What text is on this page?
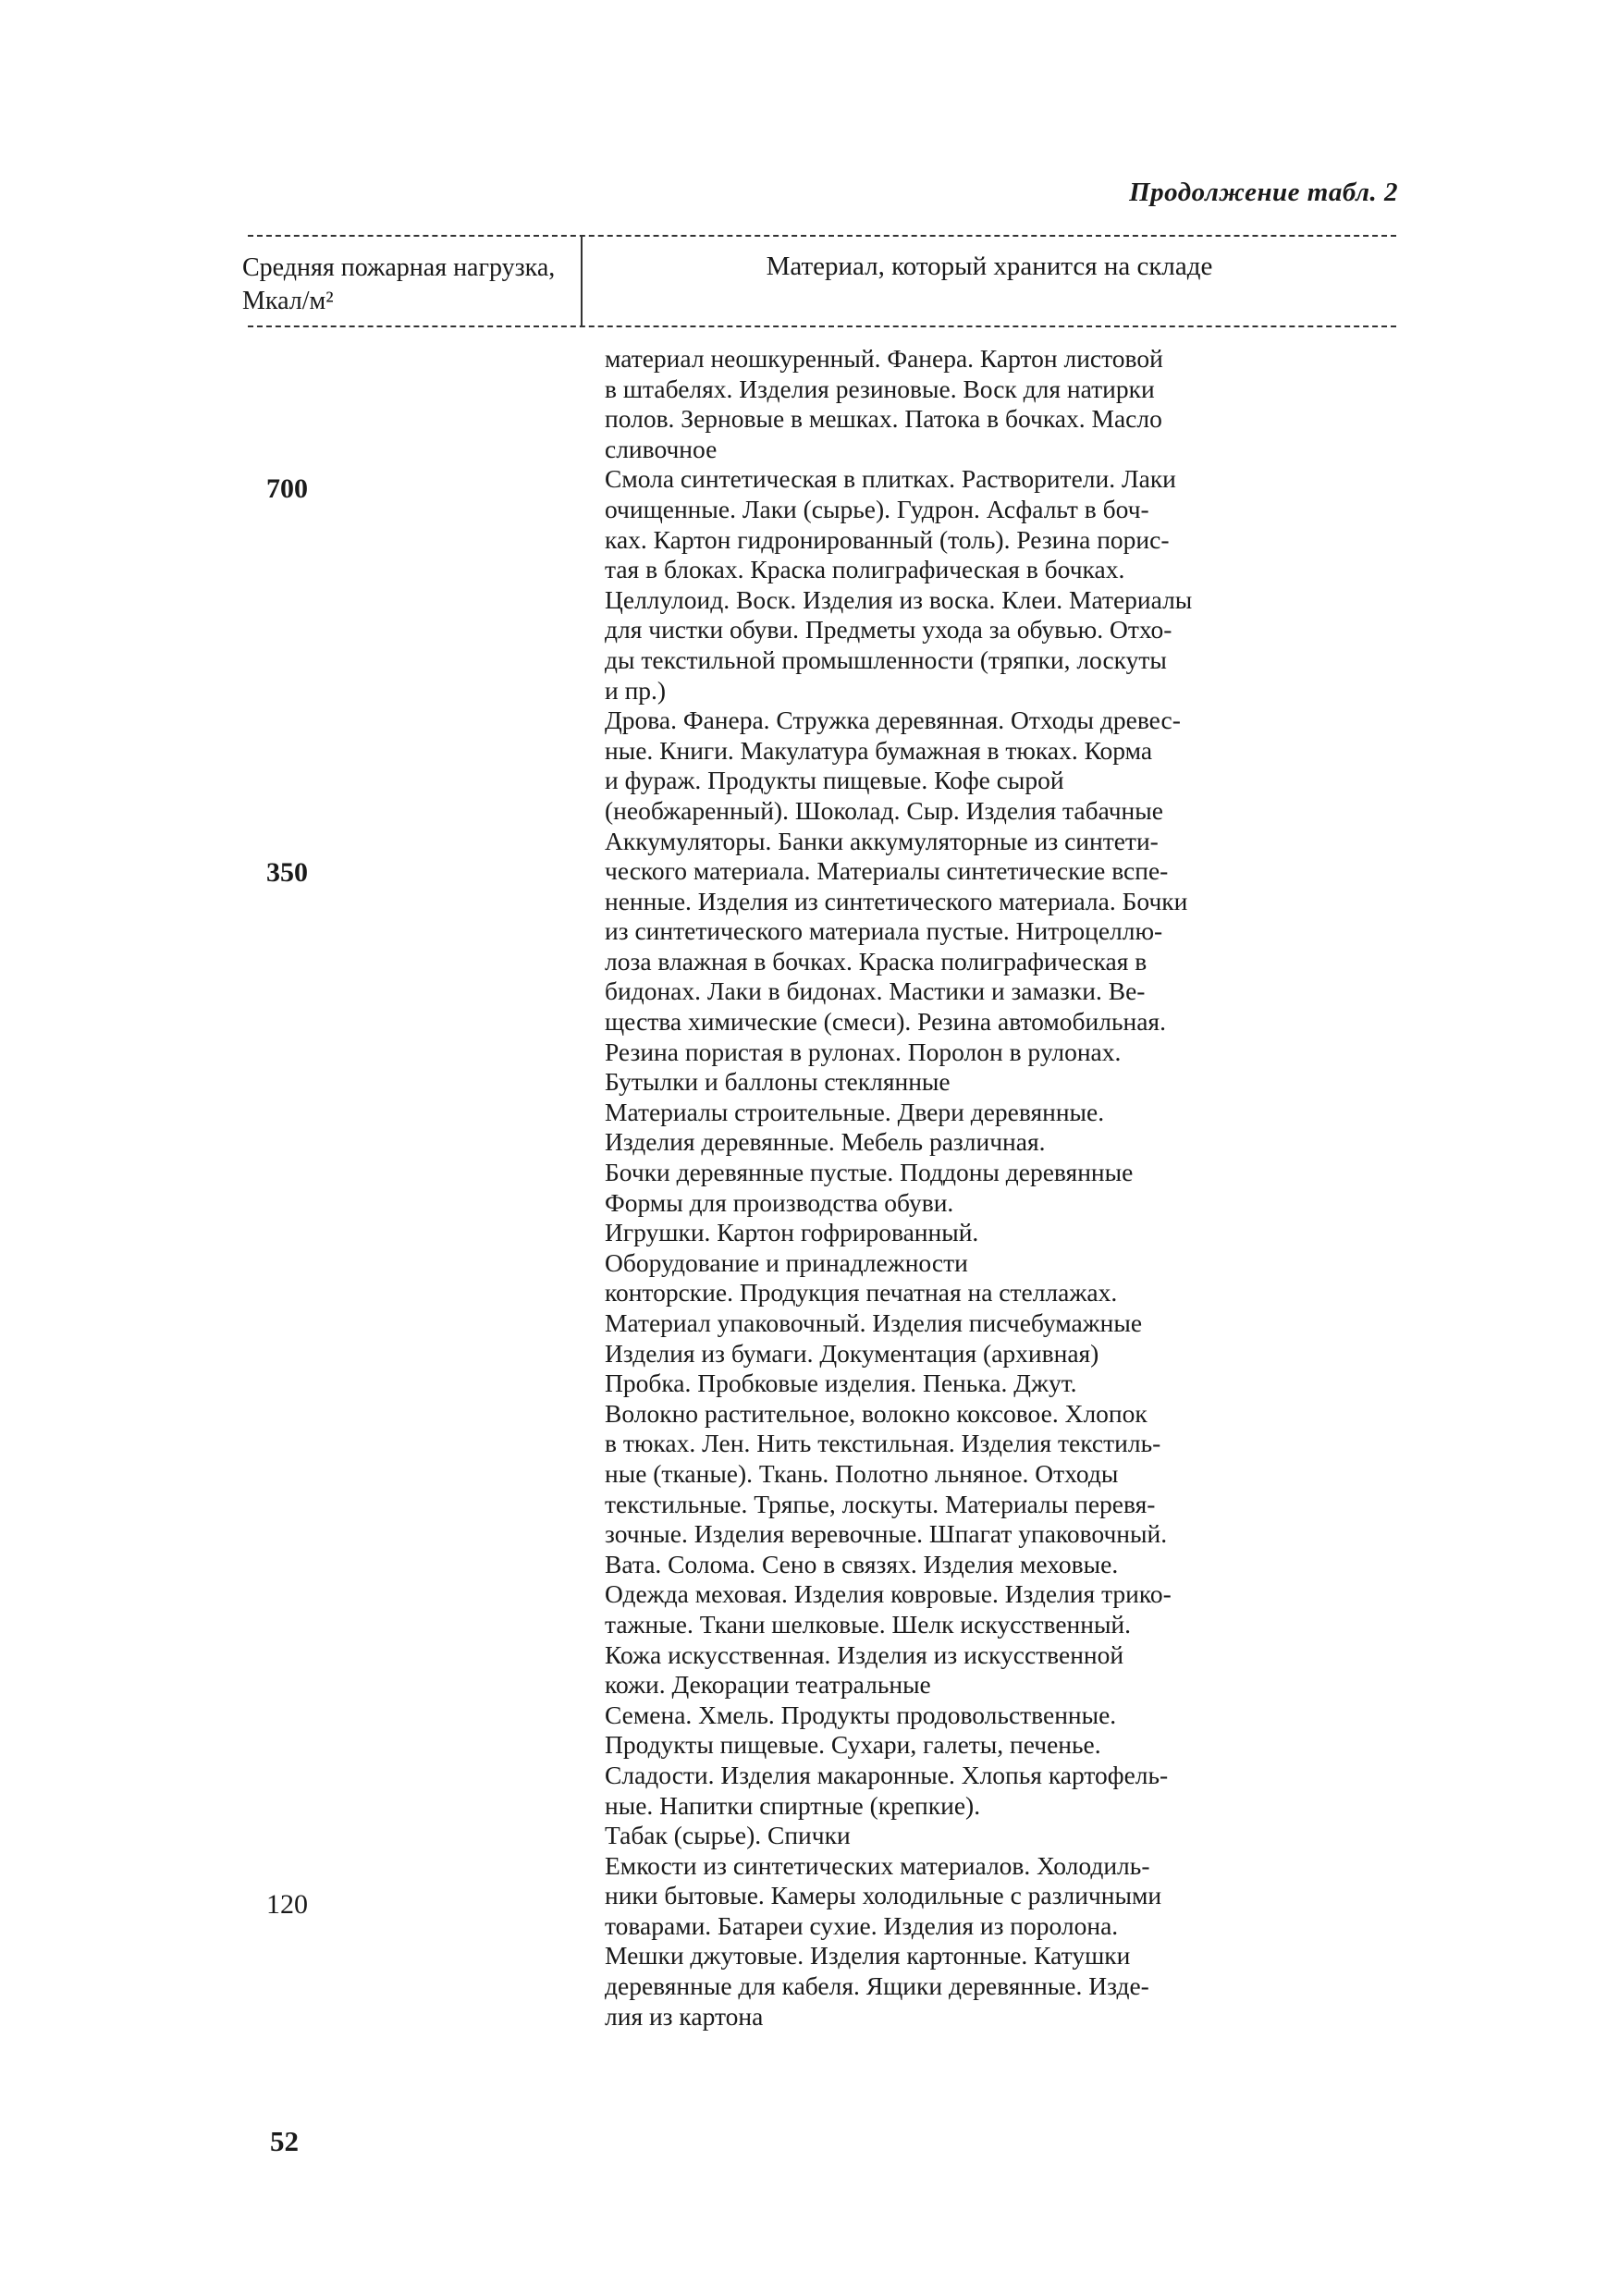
Продолжение табл. 2
Средняя пожарная нагрузка, Мкал/м²
Материал, который хранится на складе
700
350
120
материал неошкуренный. Фанера. Картон листовой
в штабелях. Изделия резиновые. Воск для натирки
полов. Зерновые в мешках. Патока в бочках. Масло
сливочное
Смола синтетическая в плитках. Растворители. Лаки
очищенные. Лаки (сырье). Гудрон. Асфальт в боч-
ках. Картон гидронированный (толь). Резина порис-
тая в блоках. Краска полиграфическая в бочках.
Целлулоид. Воск. Изделия из воска. Клеи. Материалы
для чистки обуви. Предметы ухода за обувью. Отхо-
ды текстильной промышленности (тряпки, лоскуты
и пр.)
Дрова. Фанера. Стружка деревянная. Отходы древес-
ные. Книги. Макулатура бумажная в тюках. Корма
и фураж. Продукты пищевые. Кофе сырой
(необжаренный). Шоколад. Сыр. Изделия табачные
Аккумуляторы. Банки аккумуляторные из синтети-
ческого материала. Материалы синтетические вспе-
ненные. Изделия из синтетического материала. Бочки
из синтетического материала пустые. Нитроцеллю-
лоза влажная в бочках. Краска полиграфическая в
бидонах. Лаки в бидонах. Мастики и замазки. Ве-
щества химические (смеси). Резина автомобильная.
Резина пористая в рулонах. Поролон в рулонах.
Бутылки и баллоны стеклянные
Материалы строительные. Двери деревянные.
Изделия деревянные. Мебель различная.
Бочки деревянные пустые. Поддоны деревянные
Формы для производства обуви.
Игрушки. Картон гофрированный.
Оборудование и принадлежности
конторские. Продукция печатная на стеллажах.
Материал упаковочный. Изделия писчебумажные
Изделия из бумаги. Документация (архивная)
Пробка. Пробковые изделия. Пенька. Джут.
Волокно растительное, волокно коксовое. Хлопок
в тюках. Лен. Нить текстильная. Изделия текстиль-
ные (тканые). Ткань. Полотно льняное. Отходы
текстильные. Тряпье, лоскуты. Материалы перевя-
зочные. Изделия веревочные. Шпагат упаковочный.
Вата. Солома. Сено в связях. Изделия меховые.
Одежда меховая. Изделия ковровые. Изделия трико-
тажные. Ткани шелковые. Шелк искусственный.
Кожа искусственная. Изделия из искусственной
кожи. Декорации театральные
Семена. Хмель. Продукты продовольственные.
Продукты пищевые. Сухари, галеты, печенье.
Сладости. Изделия макаронные. Хлопья картофель-
ные. Напитки спиртные (крепкие).
Табак (сырье). Спички
Емкости из синтетических материалов. Холодиль-
ники бытовые. Камеры холодильные с различными
товарами. Батареи сухие. Изделия из поролона.
Мешки джутовые. Изделия картонные. Катушки
деревянные для кабеля. Ящики деревянные. Изде-
лия из картона
52
